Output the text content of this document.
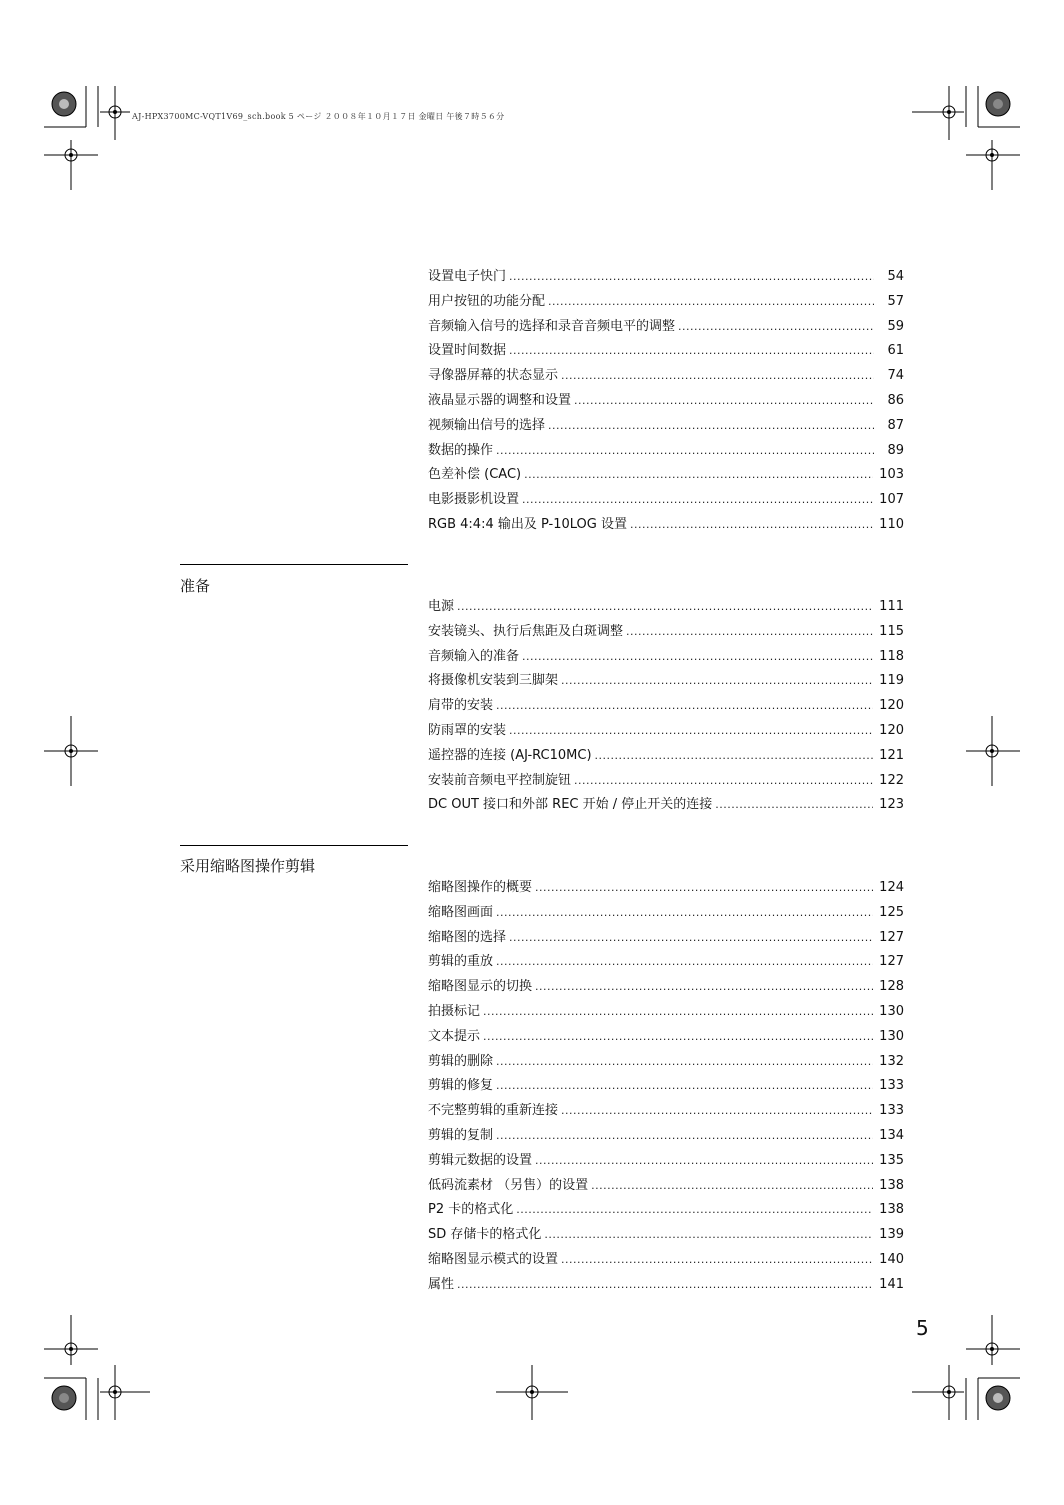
AJ-HPX3700MC-VQT1V69_sch.book 5 ページ ２００８年１０月１７日 金曜日 午後７時５６分
设置电子快门 .....	54
用户按钮的功能分配 .....	57
音频输入信号的选择和录音音频电平的调整 .....	59
设置时间数据 .....	61
寻像器屏幕的状态显示 .....	74
液晶显示器的调整和设置 .....	86
视频输出信号的选择 .....	87
数据的操作 .....	89
色差补偿 (CAC) .....	103
电影摄影机设置 .....	107
RGB 4:4:4 输出及 P-10LOG 设置 .....	110
准备
电源 .....	111
安装镜头、执行后焦距及白斑调整 .....	115
音频输入的准备 .....	118
将摄像机安装到三脚架 .....	119
肩带的安装 .....	120
防雨罩的安装 .....	120
遥控器的连接 (AJ-RC10MC) .....	121
安装前音频电平控制旋钮 .....	122
DC OUT 接口和外部 REC 开始 / 停止开关的连接 .....	123
采用缩略图操作剪辑
缩略图操作的概要 .....	124
缩略图画面 .....	125
缩略图的选择 .....	127
剪辑的重放 .....	127
缩略图显示的切换 .....	128
拍摄标记 .....	130
文本提示 .....	130
剪辑的删除 .....	132
剪辑的修复 .....	133
不完整剪辑的重新连接 .....	133
剪辑的复制 .....	134
剪辑元数据的设置 .....	135
低码流素材 （另售）的设置 .....	138
P2 卡的格式化 .....	138
SD 存储卡的格式化 .....	139
缩略图显示模式的设置 .....	140
属性 .....	141
5
